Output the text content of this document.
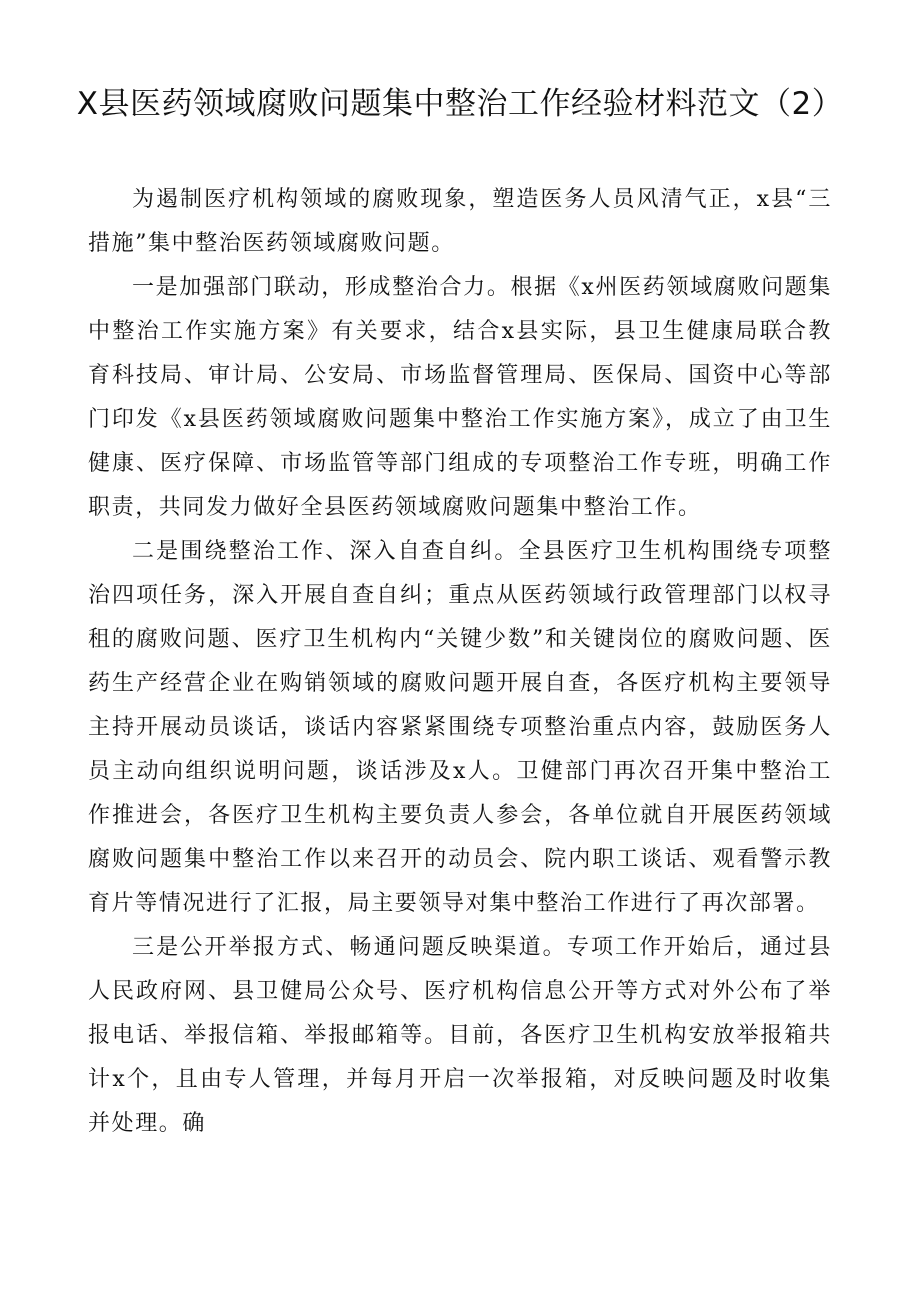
X县医药领域腐败问题集中整治工作经验材料范文（2）

为遏制医疗机构领域的腐败现象，塑造医务人员风清气正，x县“三措施”集中整治医药领域腐败问题。

一是加强部门联动，形成整治合力。根据《x州医药领域腐败问题集中整治工作实施方案》有关要求，结合x县实际，县卫生健康局联合教育科技局、审计局、公安局、市场监督管理局、医保局、国资中心等部门印发《x县医药领域腐败问题集中整治工作实施方案》，成立了由卫生健康、医疗保障、市场监管等部门组成的专项整治工作专班，明确工作职责，共同发力做好全县医药领域腐败问题集中整治工作。

二是围绕整治工作、深入自查自纠。全县医疗卫生机构围绕专项整治四项任务，深入开展自查自纠；重点从医药领域行政管理部门以权寻租的腐败问题、医疗卫生机构内“关键少数”和关键岗位的腐败问题、医药生产经营企业在购销领域的腐败问题开展自查，各医疗机构主要领导主持开展动员谈话，谈话内容紧紧围绕专项整治重点内容，鼓励医务人员主动向组织说明问题，谈话涉及x人。卫健部门再次召开集中整治工作推进会，各医疗卫生机构主要负责人参会，各单位就自开展医药领域腐败问题集中整治工作以来召开的动员会、院内职工谈话、观看警示教育片等情况进行了汇报，局主要领导对集中整治工作进行了再次部署。

三是公开举报方式、畅通问题反映渠道。专项工作开始后，通过县人民政府网、县卫健局公众号、医疗机构信息公开等方式对外公布了举报电话、举报信箱、举报邮箱等。目前，各医疗卫生机构安放举报箱共计x个，且由专人管理，并每月开启一次举报箱，对反映问题及时收集并处理。确
